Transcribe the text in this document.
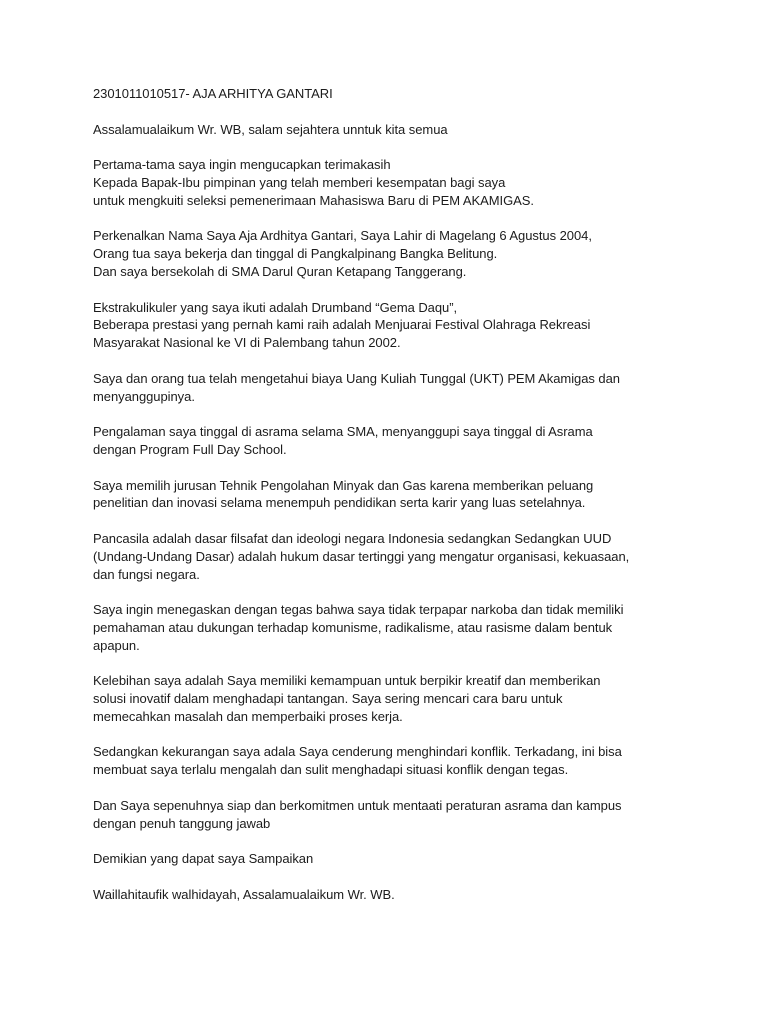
2301011010517- AJA ARHITYA GANTARI

Assalamualaikum Wr. WB, salam sejahtera unntuk kita semua

Pertama-tama saya ingin mengucapkan terimakasih
Kepada Bapak-Ibu pimpinan yang telah memberi kesempatan bagi saya
untuk mengkuiti seleksi pemenerimaan Mahasiswa Baru di PEM AKAMIGAS.

Perkenalkan Nama Saya Aja Ardhitya Gantari, Saya Lahir di Magelang 6 Agustus 2004,
Orang tua saya bekerja dan tinggal di Pangkalpinang Bangka Belitung.
Dan saya bersekolah di SMA Darul Quran Ketapang Tanggerang.

Ekstrakulikuler yang saya ikuti adalah Drumband “Gema Daqu”,
Beberapa prestasi yang pernah kami raih adalah Menjuarai Festival Olahraga Rekreasi
Masyarakat Nasional ke VI di Palembang tahun 2002.

Saya dan orang tua telah mengetahui biaya Uang Kuliah Tunggal (UKT) PEM Akamigas dan
menyanggupinya.

Pengalaman saya tinggal di asrama selama SMA, menyanggupi saya tinggal di Asrama
dengan Program Full Day School.

Saya memilih jurusan Tehnik Pengolahan Minyak dan Gas karena memberikan peluang
penelitian dan inovasi selama menempuh pendidikan serta karir yang luas setelahnya.

Pancasila adalah dasar filsafat dan ideologi negara Indonesia sedangkan Sedangkan UUD
(Undang-Undang Dasar) adalah hukum dasar tertinggi yang mengatur organisasi, kekuasaan,
dan fungsi negara.

Saya ingin menegaskan dengan tegas bahwa saya tidak terpapar narkoba dan tidak memiliki
pemahaman atau dukungan terhadap komunisme, radikalisme, atau rasisme dalam bentuk
apapun.

Kelebihan saya adalah Saya memiliki kemampuan untuk berpikir kreatif dan memberikan
solusi inovatif dalam menghadapi tantangan. Saya sering mencari cara baru untuk
memecahkan masalah dan memperbaiki proses kerja.

Sedangkan kekurangan saya adala Saya cenderung menghindari konflik. Terkadang, ini bisa
membuat saya terlalu mengalah dan sulit menghadapi situasi konflik dengan tegas.

Dan Saya sepenuhnya siap dan berkomitmen untuk mentaati peraturan asrama dan kampus
dengan penuh tanggung jawab

Demikian yang dapat saya Sampaikan

Waillahitaufik walhidayah, Assalamualaikum Wr. WB.
